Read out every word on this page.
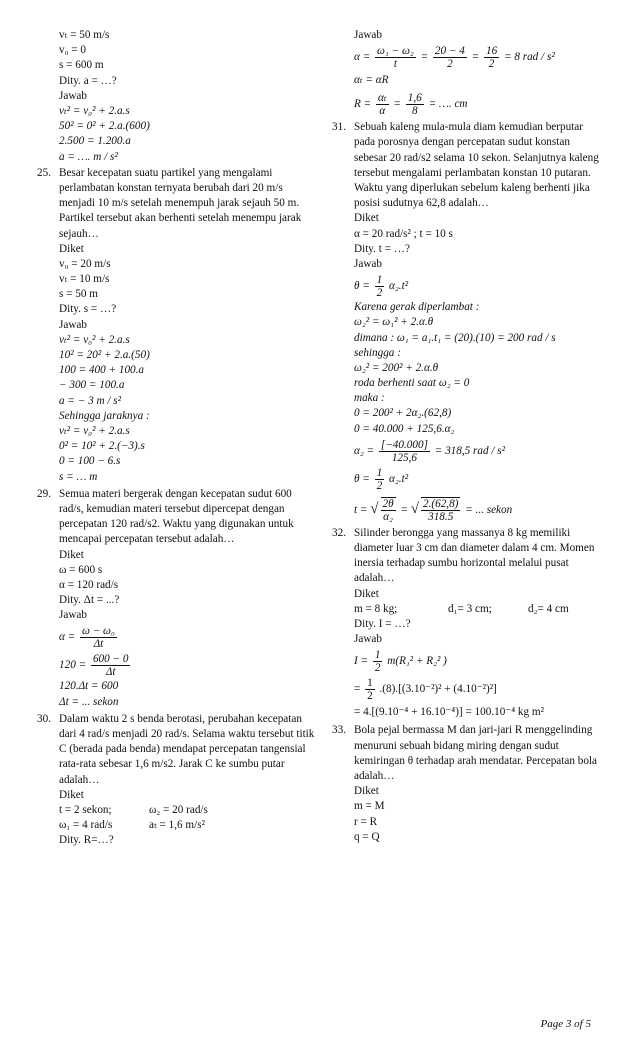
vₜ = 50 m/s
v₀ = 0
s = 600 m
Dity. a = …?
Jawab
vₜ² = v₀² + 2.a.s
50² = 0² + 2.a.(600)
2.500 = 1.200.a
a = …. m / s²
25. Besar kecepatan suatu partikel yang mengalami perlambatan konstan ternyata berubah dari 20 m/s menjadi 10 m/s setelah menempuh jarak sejauh 50 m. Partikel tersebut akan berhenti setelah menempu jarak sejauh…
Diket
v₀ = 20 m/s
vₜ = 10 m/s
s = 50 m
Dity. s = …?
Jawab
vₜ² = v₀² + 2.a.s
10² = 20² + 2.a.(50)
100 = 400 + 100.a
− 300 = 100.a
a = − 3 m / s²
Sehingga jaraknya :
vₜ² = v₀² + 2.a.s
0² = 10² + 2.(−3).s
0 = 100 − 6.s
s = … m
29. Semua materi bergerak dengan kecepatan sudut 600 rad/s, kemudian materi tersebut dipercepat dengan percepatan 120 rad/s2. Waktu yang digunakan untuk mencapai percepatan tersebut adalah…
Diket
ω = 600 s
α = 120 rad/s
Dity. Δt = ...?
Jawab
$\alpha = \frac{\text{ω − ω₀}}{\Delta t}$
$120 = \frac{600 - 0}{\Delta t}$
120.Δt = 600
Δt = ... sekon
30. Dalam waktu 2 s benda berotasi, perubahan kecepatan dari 4 rad/s menjadi 20 rad/s. Selama waktu tersebut titik C (berada pada benda) mendapat percepatan tangensial rata-rata sebesar 1,6 m/s2. Jarak C ke sumbu putar adalah…
Diket
t = 2 sekon;	ω₂ = 20 rad/s
ω₁ = 4 rad/s	aₜ = 1,6 m/s²
Dity. R=…?
Jawab
$\alpha = \frac{\text{ω₁ − ω₂}}{t} = \frac{20 - 4}{2} = \frac{16}{2} = 8$ rad / s²
αₜ = αR
$R = \frac{\text{αₜ}}{\alpha} = \frac{1,6}{8}$ = …. cm
31. Sebuah kaleng mula-mula diam kemudian berputar pada porosnya dengan percepatan sudut konstan sebesar 20 rad/s2 selama 10 sekon. Selanjutnya kaleng tersebut mengalami perlambatan konstan 10 putaran. Waktu yang diperlukan sebelum kaleng berhenti jika posisi sudutnya 62,8 adalah…
Diket
α = 20 rad/s² ; t = 10 s
Dity. t = …?
Jawab
$\theta = \frac{1}{2} \alpha_2.t^2$
Karena gerak diperlambat :
ω₂² = ω₁² + 2.α.θ
dimana : ω₁ = a₁.t₁ = (20).(10) = 200 rad / s
sehingga :
ω₂² = 200² + 2.α.θ
roda berhenti saat ω₂ = 0
maka :
0 = 200² + 2α₂.(62,8)
0 = 40.000 + 125,6.α₂
$\alpha_2 = \frac{[-40.000]}{125,6} = 318,5$ rad / s²
$\theta = \frac{1}{2} \alpha_2.t^2$
t = √ $\frac{2\theta}{\text{α₂}}$ = √ $\frac{2.(62,8)}{318.5}$ = ... sekon
32. Silinder berongga yang massanya 8 kg memiliki diameter luar 3 cm dan diameter dalam 4 cm. Momen inersia terhadap sumbu horizontal melalui pusat adalah…
Diket
m = 8 kg;	d₁= 3 cm;	d₂= 4 cm
Dity. I = …?
Jawab
$I = \frac{1}{2} m(R_1^2 + R_2^2$ )
= $\frac{1}{2} .(8).[(3.10^{-2})^2 + (4.10^{-2})^2]$
= 4.[(9.10⁻⁴ + 16.10⁻⁴)] = 100.10⁻⁴ kg m²
33. Bola pejal bermassa M dan jari-jari R menggelinding menuruni sebuah bidang miring dengan sudut kemiringan θ terhadap arah mendatar. Percepatan bola adalah…
Diket
m = M
r = R
q = Q
Page 3 of 5
